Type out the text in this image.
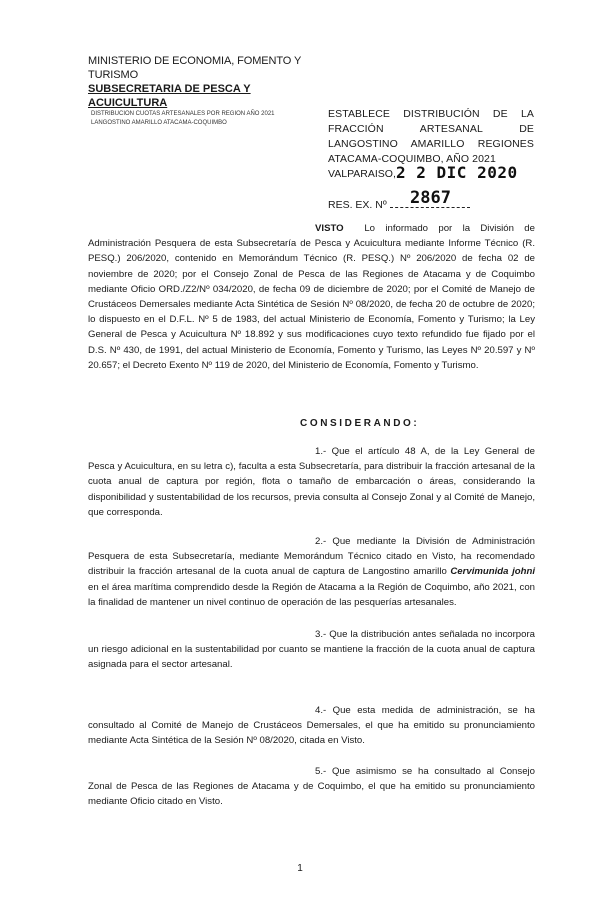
MINISTERIO DE ECONOMIA, FOMENTO Y TURISMO
SUBSECRETARIA DE PESCA Y ACUICULTURA
DISTRIBUCION CUOTAS ARTESANALES POR REGION AÑO 2021
LANGOSTINO AMARILLO ATACAMA-COQUIMBO
ESTABLECE DISTRIBUCIÓN DE LA FRACCIÓN ARTESANAL DE LANGOSTINO AMARILLO REGIONES ATACAMA-COQUIMBO, AÑO 2021
VALPARAISO, 2 2 DIC 2020
RES. EX. Nº	2867

VISTO Lo informado por la División de Administración Pesquera de esta Subsecretaría de Pesca y Acuicultura mediante Informe Técnico (R. PESQ.) 206/2020, contenido en Memorándum Técnico (R. PESQ.) Nº 206/2020 de fecha 02 de noviembre de 2020; por el Consejo Zonal de Pesca de las Regiones de Atacama y de Coquimbo mediante Oficio ORD./Z2/Nº 034/2020, de fecha 09 de diciembre de 2020; por el Comité de Manejo de Crustáceos Demersales mediante Acta Sintética de Sesión Nº 08/2020, de fecha 20 de octubre de 2020; lo dispuesto en el D.F.L. Nº 5 de 1983, del actual Ministerio de Economía, Fomento y Turismo; la Ley General de Pesca y Acuicultura Nº 18.892 y sus modificaciones cuyo texto refundido fue fijado por el D.S. Nº 430, de 1991, del actual Ministerio de Economía, Fomento y Turismo, las Leyes Nº 20.597 y Nº 20.657; el Decreto Exento Nº 119 de 2020, del Ministerio de Economía, Fomento y Turismo.

CONSIDERANDO:

1.- Que el artículo 48 A, de la Ley General de Pesca y Acuicultura, en su letra c), faculta a esta Subsecretaría, para distribuir la fracción artesanal de la cuota anual de captura por región, flota o tamaño de embarcación o áreas, considerando la disponibilidad y sustentabilidad de los recursos, previa consulta al Consejo Zonal y al Comité de Manejo, que corresponda.

2.- Que mediante la División de Administración Pesquera de esta Subsecretaría, mediante Memorándum Técnico citado en Visto, ha recomendado distribuir la fracción artesanal de la cuota anual de captura de Langostino amarillo Cervimunida johni en el área marítima comprendido desde la Región de Atacama a la Región de Coquimbo, año 2021, con la finalidad de mantener un nivel continuo de operación de las pesquerías artesanales.

3.- Que la distribución antes señalada no incorpora un riesgo adicional en la sustentabilidad por cuanto se mantiene la fracción de la cuota anual de captura asignada para el sector artesanal.

4.- Que esta medida de administración, se ha consultado al Comité de Manejo de Crustáceos Demersales, el que ha emitido su pronunciamiento mediante Acta Sintética de la Sesión Nº 08/2020, citada en Visto.

5.- Que asimismo se ha consultado al Consejo Zonal de Pesca de las Regiones de Atacama y de Coquimbo, el que ha emitido su pronunciamiento mediante Oficio citado en Visto.

1
